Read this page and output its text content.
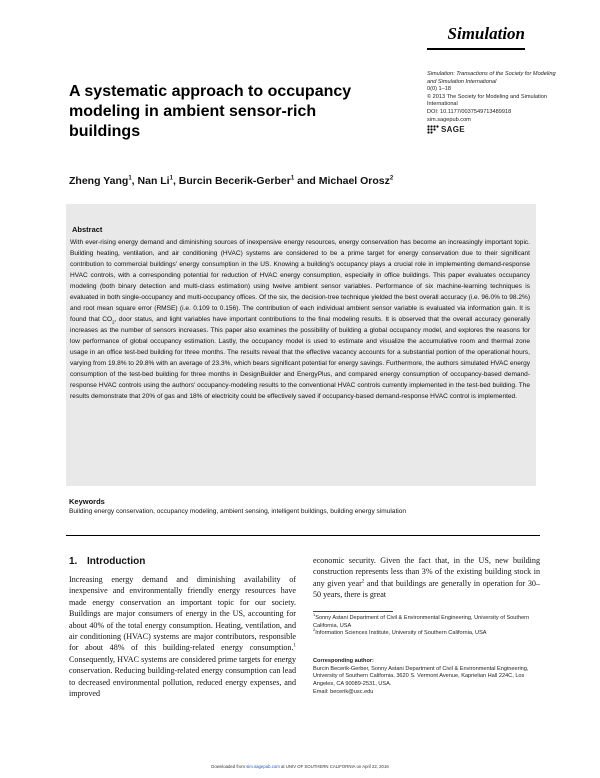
Simulation
Simulation: Transactions of the Society for Modeling and Simulation International
0(0) 1–18
© 2013 The Society for Modeling and Simulation International
DOI: 10.1177/0037549713489918
sim.sagepub.com
SAGE
A systematic approach to occupancy modeling in ambient sensor-rich buildings
Zheng Yang$^1$, Nan Li$^1$, Burcin Becerik-Gerber$^1$ and Michael Orosz$^2$
Abstract
With ever-rising energy demand and diminishing sources of inexpensive energy resources, energy conservation has become an increasingly important topic. Building heating, ventilation, and air conditioning (HVAC) systems are considered to be a prime target for energy conservation due to their significant contribution to commercial buildings' energy consumption in the US. Knowing a building's occupancy plays a crucial role in implementing demand-response HVAC controls, with a corresponding potential for reduction of HVAC energy consumption, especially in office buildings. This paper evaluates occupancy modeling (both binary detection and multi-class estimation) using twelve ambient sensor variables. Performance of six machine-learning techniques is evaluated in both single-occupancy and multi-occupancy offices. Of the six, the decision-tree technique yielded the best overall accuracy (i.e. 96.0% to 98.2%) and root mean square error (RMSE) (i.e. 0.109 to 0.156). The contribution of each individual ambient sensor variable is evaluated via information gain. It is found that $CO_2$, door status, and light variables have important contributions to the final modeling results. It is observed that the overall accuracy generally increases as the number of sensors increases. This paper also examines the possibility of building a global occupancy model, and explores the reasons for low performance of global occupancy estimation. Lastly, the occupancy model is used to estimate and visualize the accumulative room and thermal zone usage in an office test-bed building for three months. The results reveal that the effective vacancy accounts for a substantial portion of the operational hours, varying from 19.8% to 29.8% with an average of 23.3%, which bears significant potential for energy savings. Furthermore, the authors simulated HVAC energy consumption of the test-bed building for three months in DesignBuilder and EnergyPlus, and compared energy consumption of occupancy-based demand-response HVAC controls using the authors' occupancy-modeling results to the conventional HVAC controls currently implemented in the test-bed building. The results demonstrate that 20% of gas and 18% of electricity could be effectively saved if occupancy-based demand-response HVAC control is implemented.
Keywords
Building energy conservation, occupancy modeling, ambient sensing, intelligent buildings, building energy simulation
1. Introduction
Increasing energy demand and diminishing availability of inexpensive and environmentally friendly energy resources have made energy conservation an important topic for our society. Buildings are major consumers of energy in the US, accounting for about 40% of the total energy consumption. Heating, ventilation, and air conditioning (HVAC) systems are major contributors, responsible for about 48% of this building-related energy consumption.$^1$ Consequently, HVAC systems are considered prime targets for energy conservation. Reducing building-related energy consumption can lead to decreased environmental pollution, reduced energy expenses, and improved
economic security. Given the fact that, in the US, new building construction represents less than 3% of the existing building stock in any given year$^2$ and that buildings are generally in operation for 30–50 years, there is great
$^1$Sonny Astani Department of Civil & Environmental Engineering, University of Southern California, USA
$^2$Information Sciences Institute, University of Southern California, USA
Corresponding author:
Burcin Becerik-Gerber, Sonny Astani Department of Civil & Environmental Engineering, University of Southern California, 3620 S. Vermont Avenue, Kaprielian Hall 224C, Los Angeles, CA 90089-2531, USA.
Email: becerik@usc.edu
Downloaded from sim.sagepub.com at UNIV OF SOUTHERN CALIFORNIA on April 22, 2016
